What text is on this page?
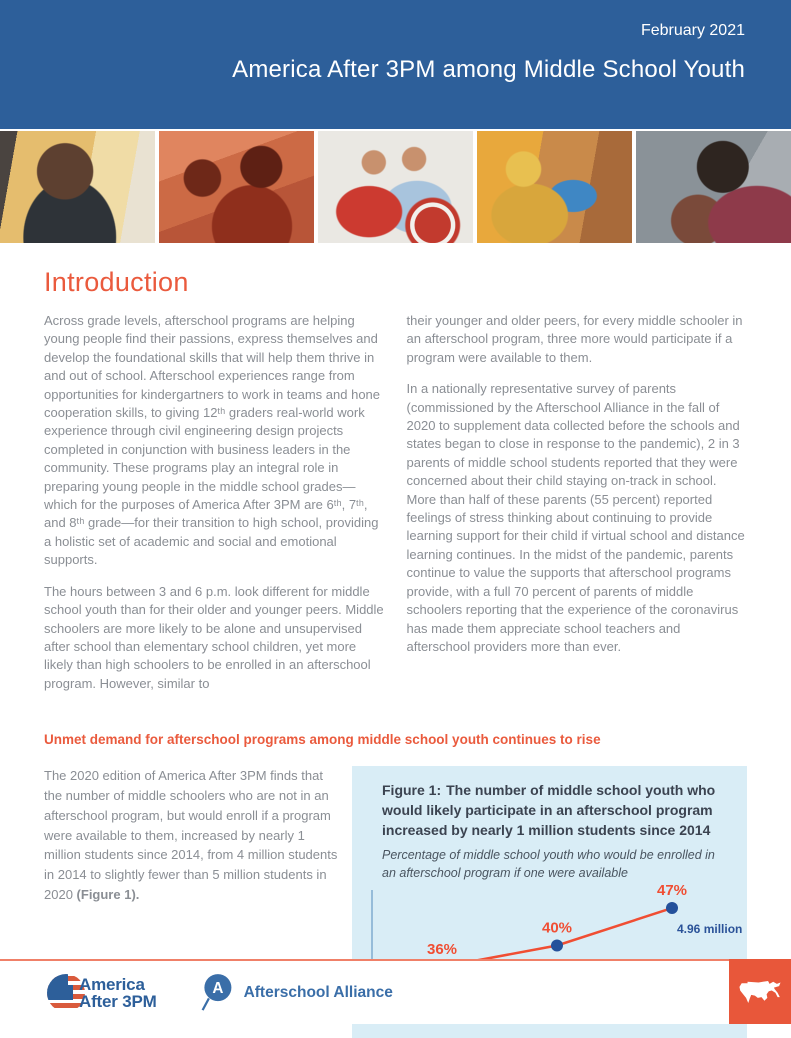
February 2021
America After 3PM among Middle School Youth
Introduction

Across grade levels, afterschool programs are helping young people find their passions, express themselves and develop the foundational skills that will help them thrive in and out of school. Afterschool experiences range from opportunities for kindergartners to work in teams and hone cooperation skills, to giving 12ᵗʰ graders real-world work experience through civil engineering design projects completed in conjunction with business leaders in the community. These programs play an integral role in preparing young people in the middle school grades—which for the purposes of America After 3PM are 6ᵗʰ, 7ᵗʰ, and 8ᵗʰ grade—for their transition to high school, providing a holistic set of academic and social and emotional supports.

The hours between 3 and 6 p.m. look different for middle school youth than for their older and younger peers. Middle schoolers are more likely to be alone and unsupervised after school than elementary school children, yet more likely than high schoolers to be enrolled in an afterschool program. However, similar to

their younger and older peers, for every middle schooler in an afterschool program, three more would participate if a program were available to them.

In a nationally representative survey of parents (commissioned by the Afterschool Alliance in the fall of 2020 to supplement data collected before the schools and states began to close in response to the pandemic), 2 in 3 parents of middle school students reported that they were concerned about their child staying on-track in school. More than half of these parents (55 percent) reported feelings of stress thinking about continuing to provide learning support for their child if virtual school and distance learning continues. In the midst of the pandemic, parents continue to value the supports that afterschool programs provide, with a full 70 percent of parents of middle schoolers reporting that the experience of the coronavirus has made them appreciate school teachers and afterschool providers more than ever.

Unmet demand for afterschool programs among middle school youth continues to rise
The 2020 edition of America After 3PM finds that the number of middle schoolers who are not in an afterschool program, but would enroll if a program were available to them, increased by nearly 1 million students since 2014, from 4 million students in 2014 to slightly fewer than 5 million students in 2020 (Figure 1).
Figure 1: The number of middle school youth who would likely participate in an afterschool program increased by nearly 1 million students since 2014
Percentage of middle school youth who would be enrolled in an afterschool program if one were available
36%
40%
47%
4.96 million
America
After 3PM
A Afterschool Alliance
